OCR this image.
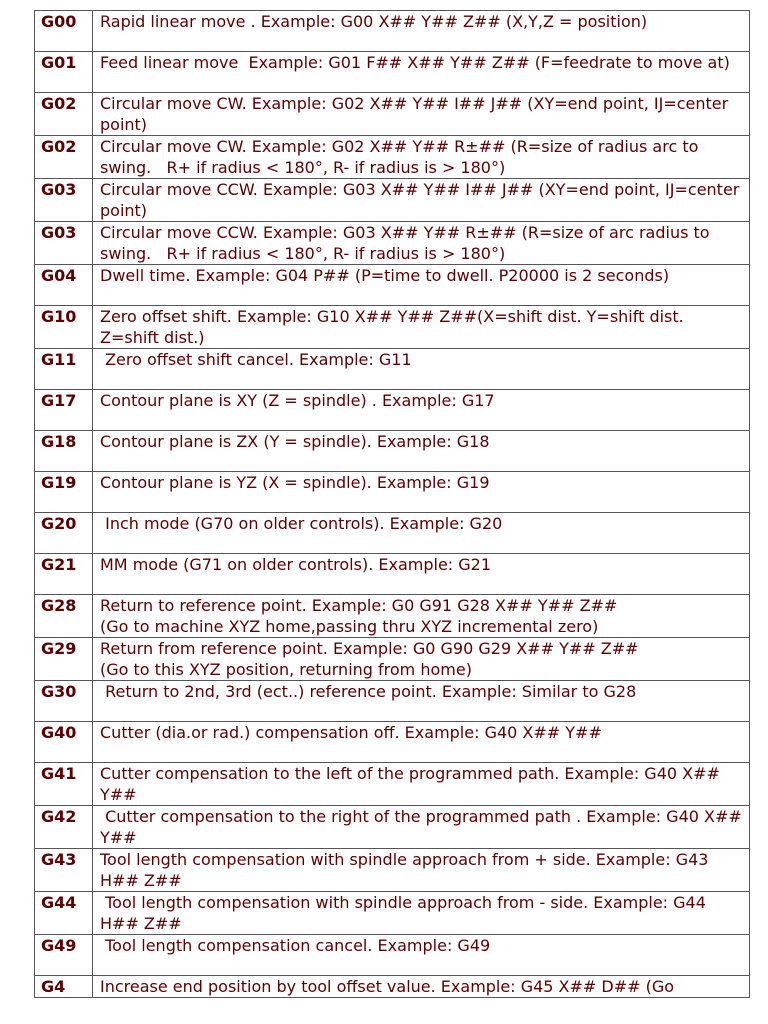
G00	Rapid linear move . Example: G00 X## Y## Z## (X,Y,Z = position)
G01	Feed linear move  Example: G01 F## X## Y## Z## (F=feedrate to move at)
G02	Circular move CW. Example: G02 X## Y## I## J## (XY=end point, IJ=center point)
G02	Circular move CW. Example: G02 X## Y## R±## (R=size of radius arc to swing.   R+ if radius < 180°, R- if radius is > 180°)
G03	Circular move CCW. Example: G03 X## Y## I## J## (XY=end point, IJ=center point)
G03	Circular move CCW. Example: G03 X## Y## R±## (R=size of arc radius to swing.   R+ if radius < 180°, R- if radius is > 180°)
G04	Dwell time. Example: G04 P## (P=time to dwell. P20000 is 2 seconds)
G10	Zero offset shift. Example: G10 X## Y## Z##(X=shift dist. Y=shift dist. Z=shift dist.)
G11	Zero offset shift cancel. Example: G11
G17	Contour plane is XY (Z = spindle) . Example: G17
G18	Contour plane is ZX (Y = spindle). Example: G18
G19	Contour plane is YZ (X = spindle). Example: G19
G20	Inch mode (G70 on older controls). Example: G20
G21	MM mode (G71 on older controls). Example: G21
G28	Return to reference point. Example: G0 G91 G28 X## Y## Z##
(Go to machine XYZ home,passing thru XYZ incremental zero)
G29	Return from reference point. Example: G0 G90 G29 X## Y## Z##
(Go to this XYZ position, returning from home)
G30	Return to 2nd, 3rd (ect..) reference point. Example: Similar to G28
G40	Cutter (dia.or rad.) compensation off. Example: G40 X## Y##
G41	Cutter compensation to the left of the programmed path. Example: G40 X## Y##
G42	Cutter compensation to the right of the programmed path . Example: G40 X## Y##
G43	Tool length compensation with spindle approach from + side. Example: G43 H## Z##
G44	Tool length compensation with spindle approach from - side. Example: G44 H## Z##
G49	Tool length compensation cancel. Example: G49
G4	Increase end position by tool offset value. Example: G45 X## D## (Go
